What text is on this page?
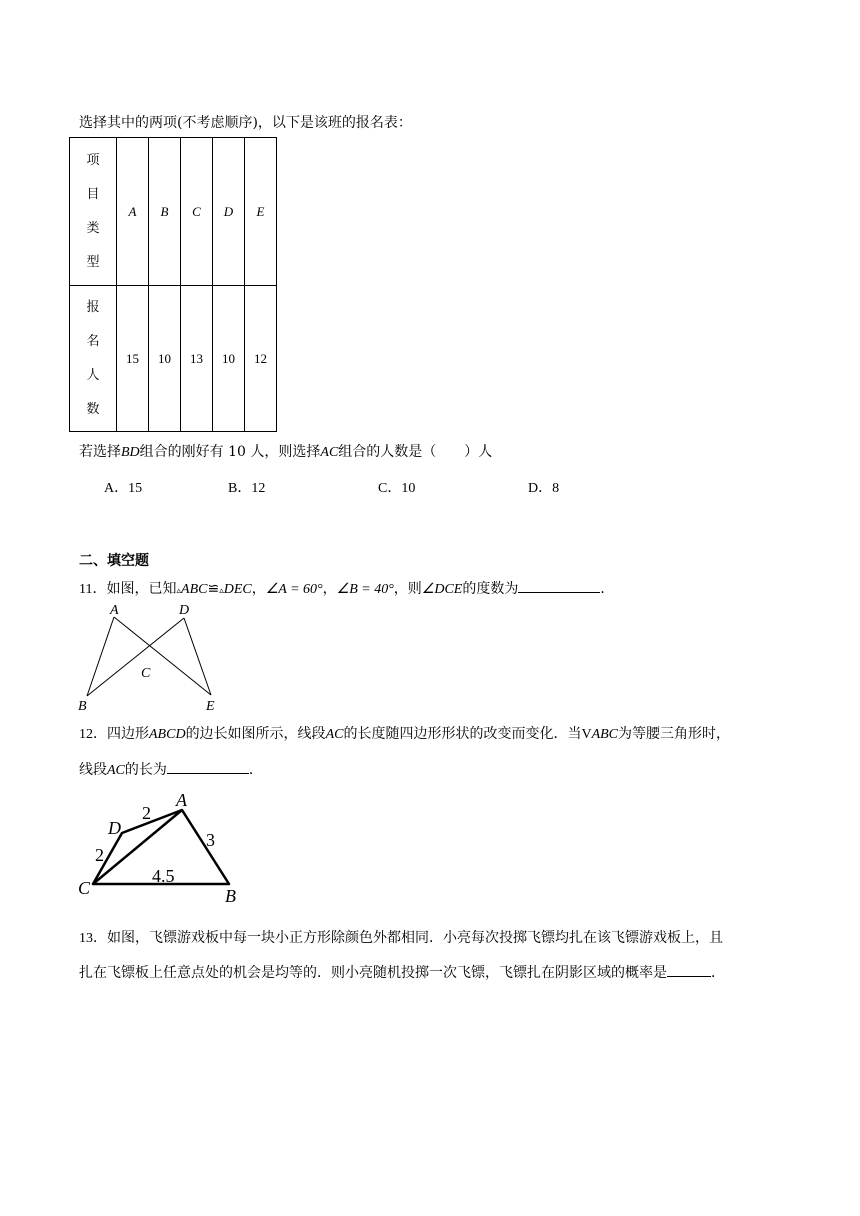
选择其中的两项(不考虑顺序)，以下是该班的报名表：
项
目
类
型	A	B	C	D	E

报
名
人
数	15	10	13	10	12
若选择BD组合的刚好有 10 人，则选择AC组合的人数是（　　）人
A．15	B．12	C．10	D．8
二、填空题
11．如图，已知▵ABC≌▵DEC，∠A = 60°，∠B = 40°，则∠DCE的度数为	．
A	D
C
B	E
12．四边形ABCD的边长如图所示，线段AC的长度随四边形形状的改变而变化．当VABC为等腰三角形时，
线段AC的长为	．
A
D
C	B
2
2
3
4.5
13．如图，飞镖游戏板中每一块小正方形除颜色外都相同．小亮每次投掷飞镖均扎在该飞镖游戏板上，且
扎在飞镖板上任意点处的机会是均等的．则小亮随机投掷一次飞镖，飞镖扎在阴影区域的概率是	．
